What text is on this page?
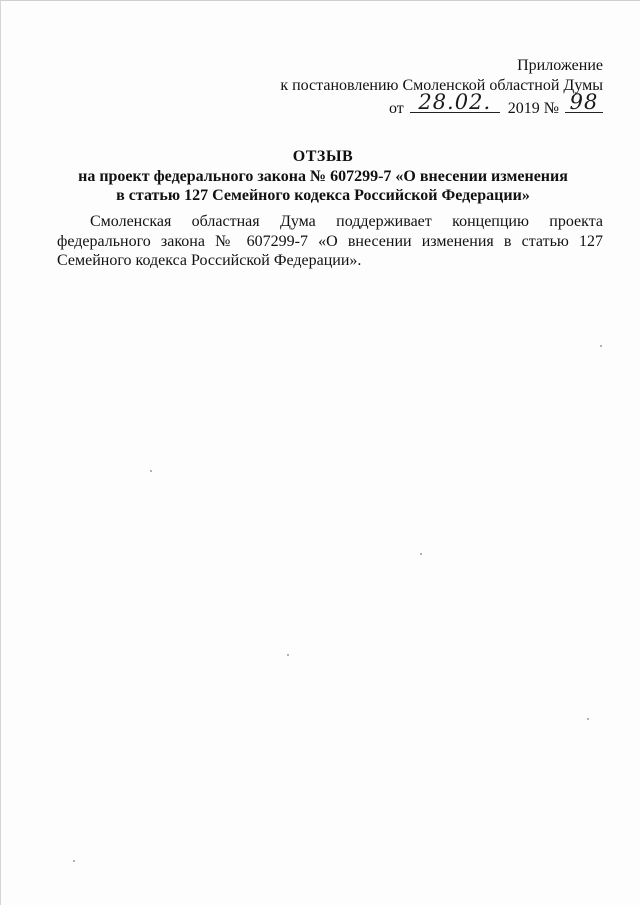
Приложение
к постановлению Смоленской областной Думы
от 28.02.	2019 № 98
ОТЗЫВ
на проект федерального закона № 607299-7 «О внесении изменения
в статью 127 Семейного кодекса Российской Федерации»

Смоленская областная Дума поддерживает концепцию проекта федерального закона № 607299-7 «О внесении изменения в статью 127 Семейного кодекса Российской Федерации».
